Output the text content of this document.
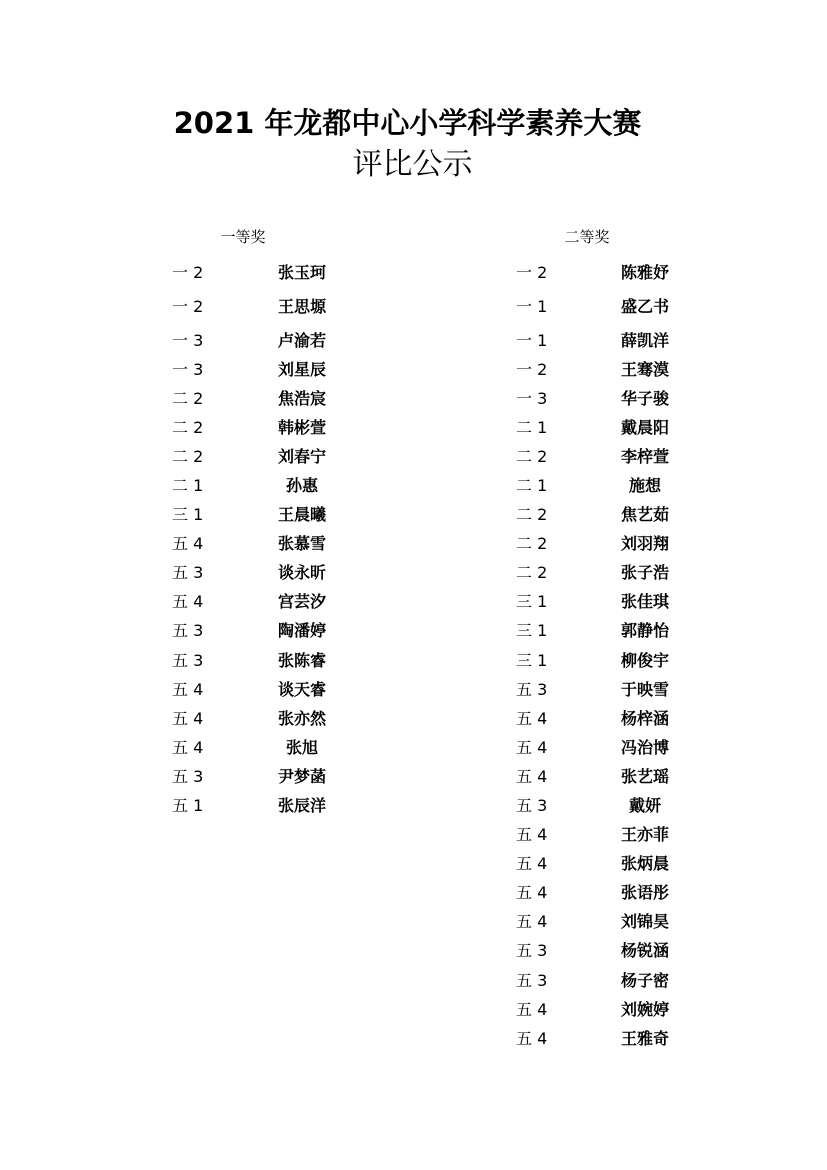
2021 年龙都中心小学科学素养大赛
评比公示
一等奖	二等奖
一 2	张玉珂
一 2	王思塬
一 3	卢渝若
一 3	刘星辰
二 2	焦浩宸
二 2	韩彬萱
二 2	刘春宁
二 1	孙惠
三 1	王晨曦
五 4	张慕雪
五 3	谈永昕
五 4	宫芸汐
五 3	陶潘婷
五 3	张陈睿
五 4	谈天睿
五 4	张亦然
五 4	张旭
五 3	尹梦菡
五 1	张辰洋
一 2	陈雅妤
一 1	盛乙书
一 1	薛凯洋
一 2	王骞漠
一 3	华子骏
二 1	戴晨阳
二 2	李梓萱
二 1	施想
二 2	焦艺茹
二 2	刘羽翔
二 2	张子浩
三 1	张佳琪
三 1	郭静怡
三 1	柳俊宇
五 3	于映雪
五 4	杨梓涵
五 4	冯治博
五 4	张艺瑶
五 3	戴妍
五 4	王亦菲
五 4	张炳晨
五 4	张语彤
五 4	刘锦昊
五 3	杨锐涵
五 3	杨子密
五 4	刘婉婷
五 4	王雅奇
